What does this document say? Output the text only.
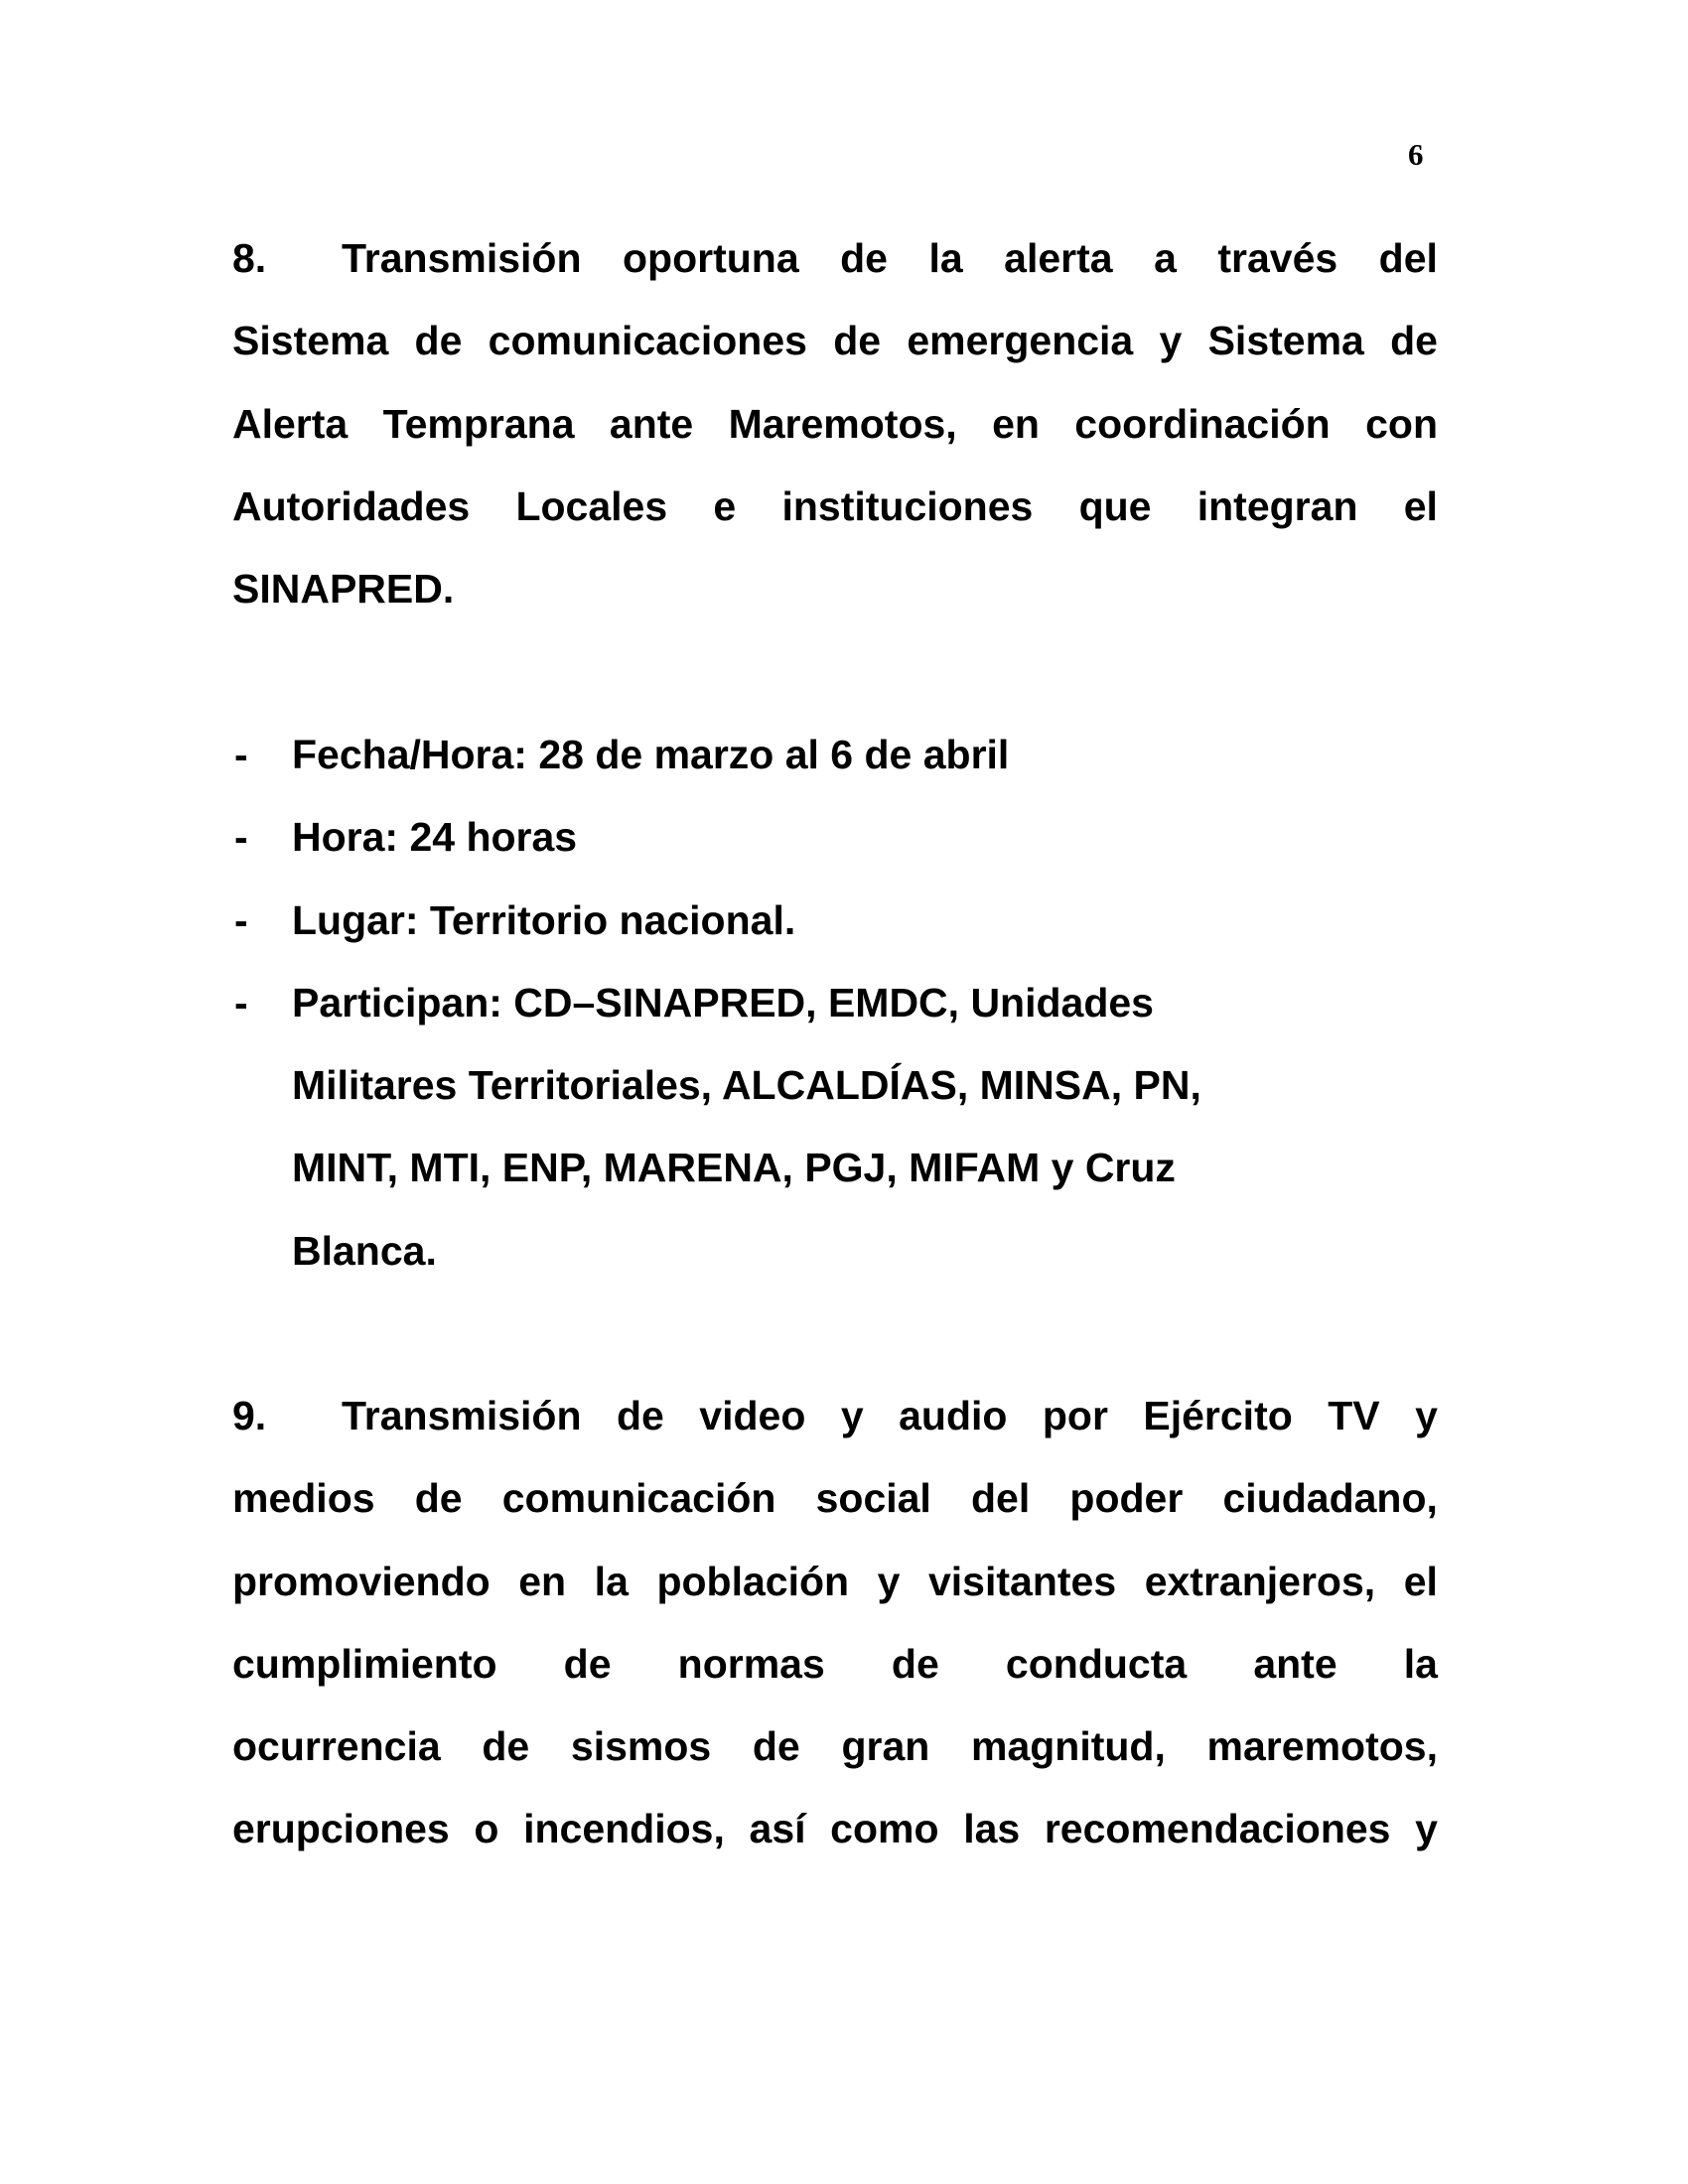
6
8.	Transmisión oportuna de la alerta a través del
Sistema de comunicaciones de emergencia y Sistema de
Alerta Temprana ante Maremotos, en coordinación con
Autoridades Locales e instituciones que integran el
SINAPRED.
- Fecha/Hora: 28 de marzo al 6 de abril
- Hora: 24 horas
- Lugar: Territorio nacional.
- Participan: CD–SINAPRED, EMDC, Unidades
Militares Territoriales, ALCALDÍAS, MINSA, PN,
MINT, MTI, ENP, MARENA, PGJ, MIFAM y Cruz
Blanca.
9.	Transmisión de video y audio por Ejército TV y
medios de comunicación social del poder ciudadano,
promoviendo en la población y visitantes extranjeros, el
cumplimiento de normas de conducta ante la
ocurrencia de sismos de gran magnitud, maremotos,
erupciones o incendios, así como las recomendaciones y
